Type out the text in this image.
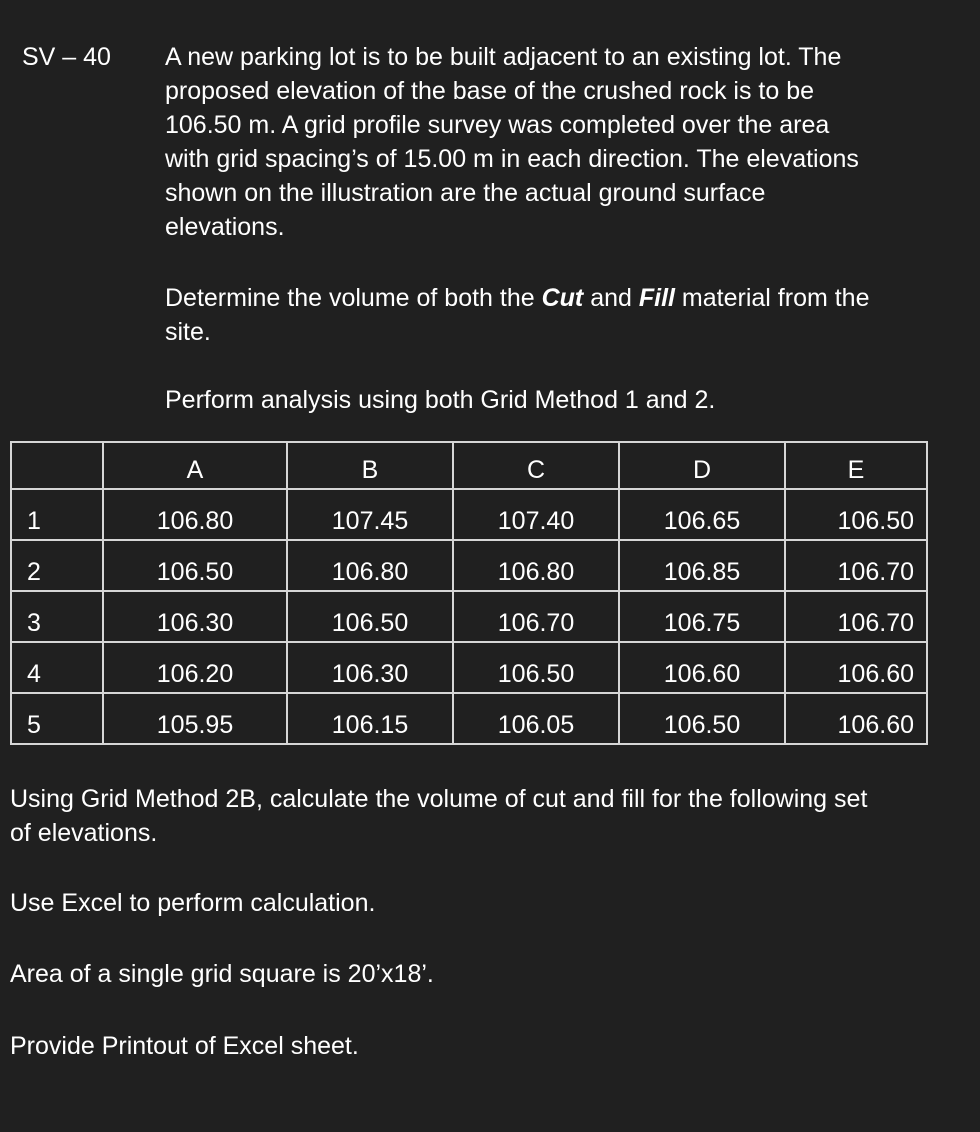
SV – 40	A new parking lot is to be built adjacent to an existing lot. The
proposed elevation of the base of the crushed rock is to be
106.50 m. A grid profile survey was completed over the area
with grid spacing’s of 15.00 m in each direction. The elevations
shown on the illustration are the actual ground surface
elevations.

Determine the volume of both the Cut and Fill material from the
site.

Perform analysis using both Grid Method 1 and 2.

	A	B	C	D	E
1	106.80	107.45	107.40	106.65	106.50
2	106.50	106.80	106.80	106.85	106.70
3	106.30	106.50	106.70	106.75	106.70
4	106.20	106.30	106.50	106.60	106.60
5	105.95	106.15	106.05	106.50	106.60

Using Grid Method 2B, calculate the volume of cut and fill for the following set
of elevations.

Use Excel to perform calculation.

Area of a single grid square is 20’x18’.

Provide Printout of Excel sheet.
